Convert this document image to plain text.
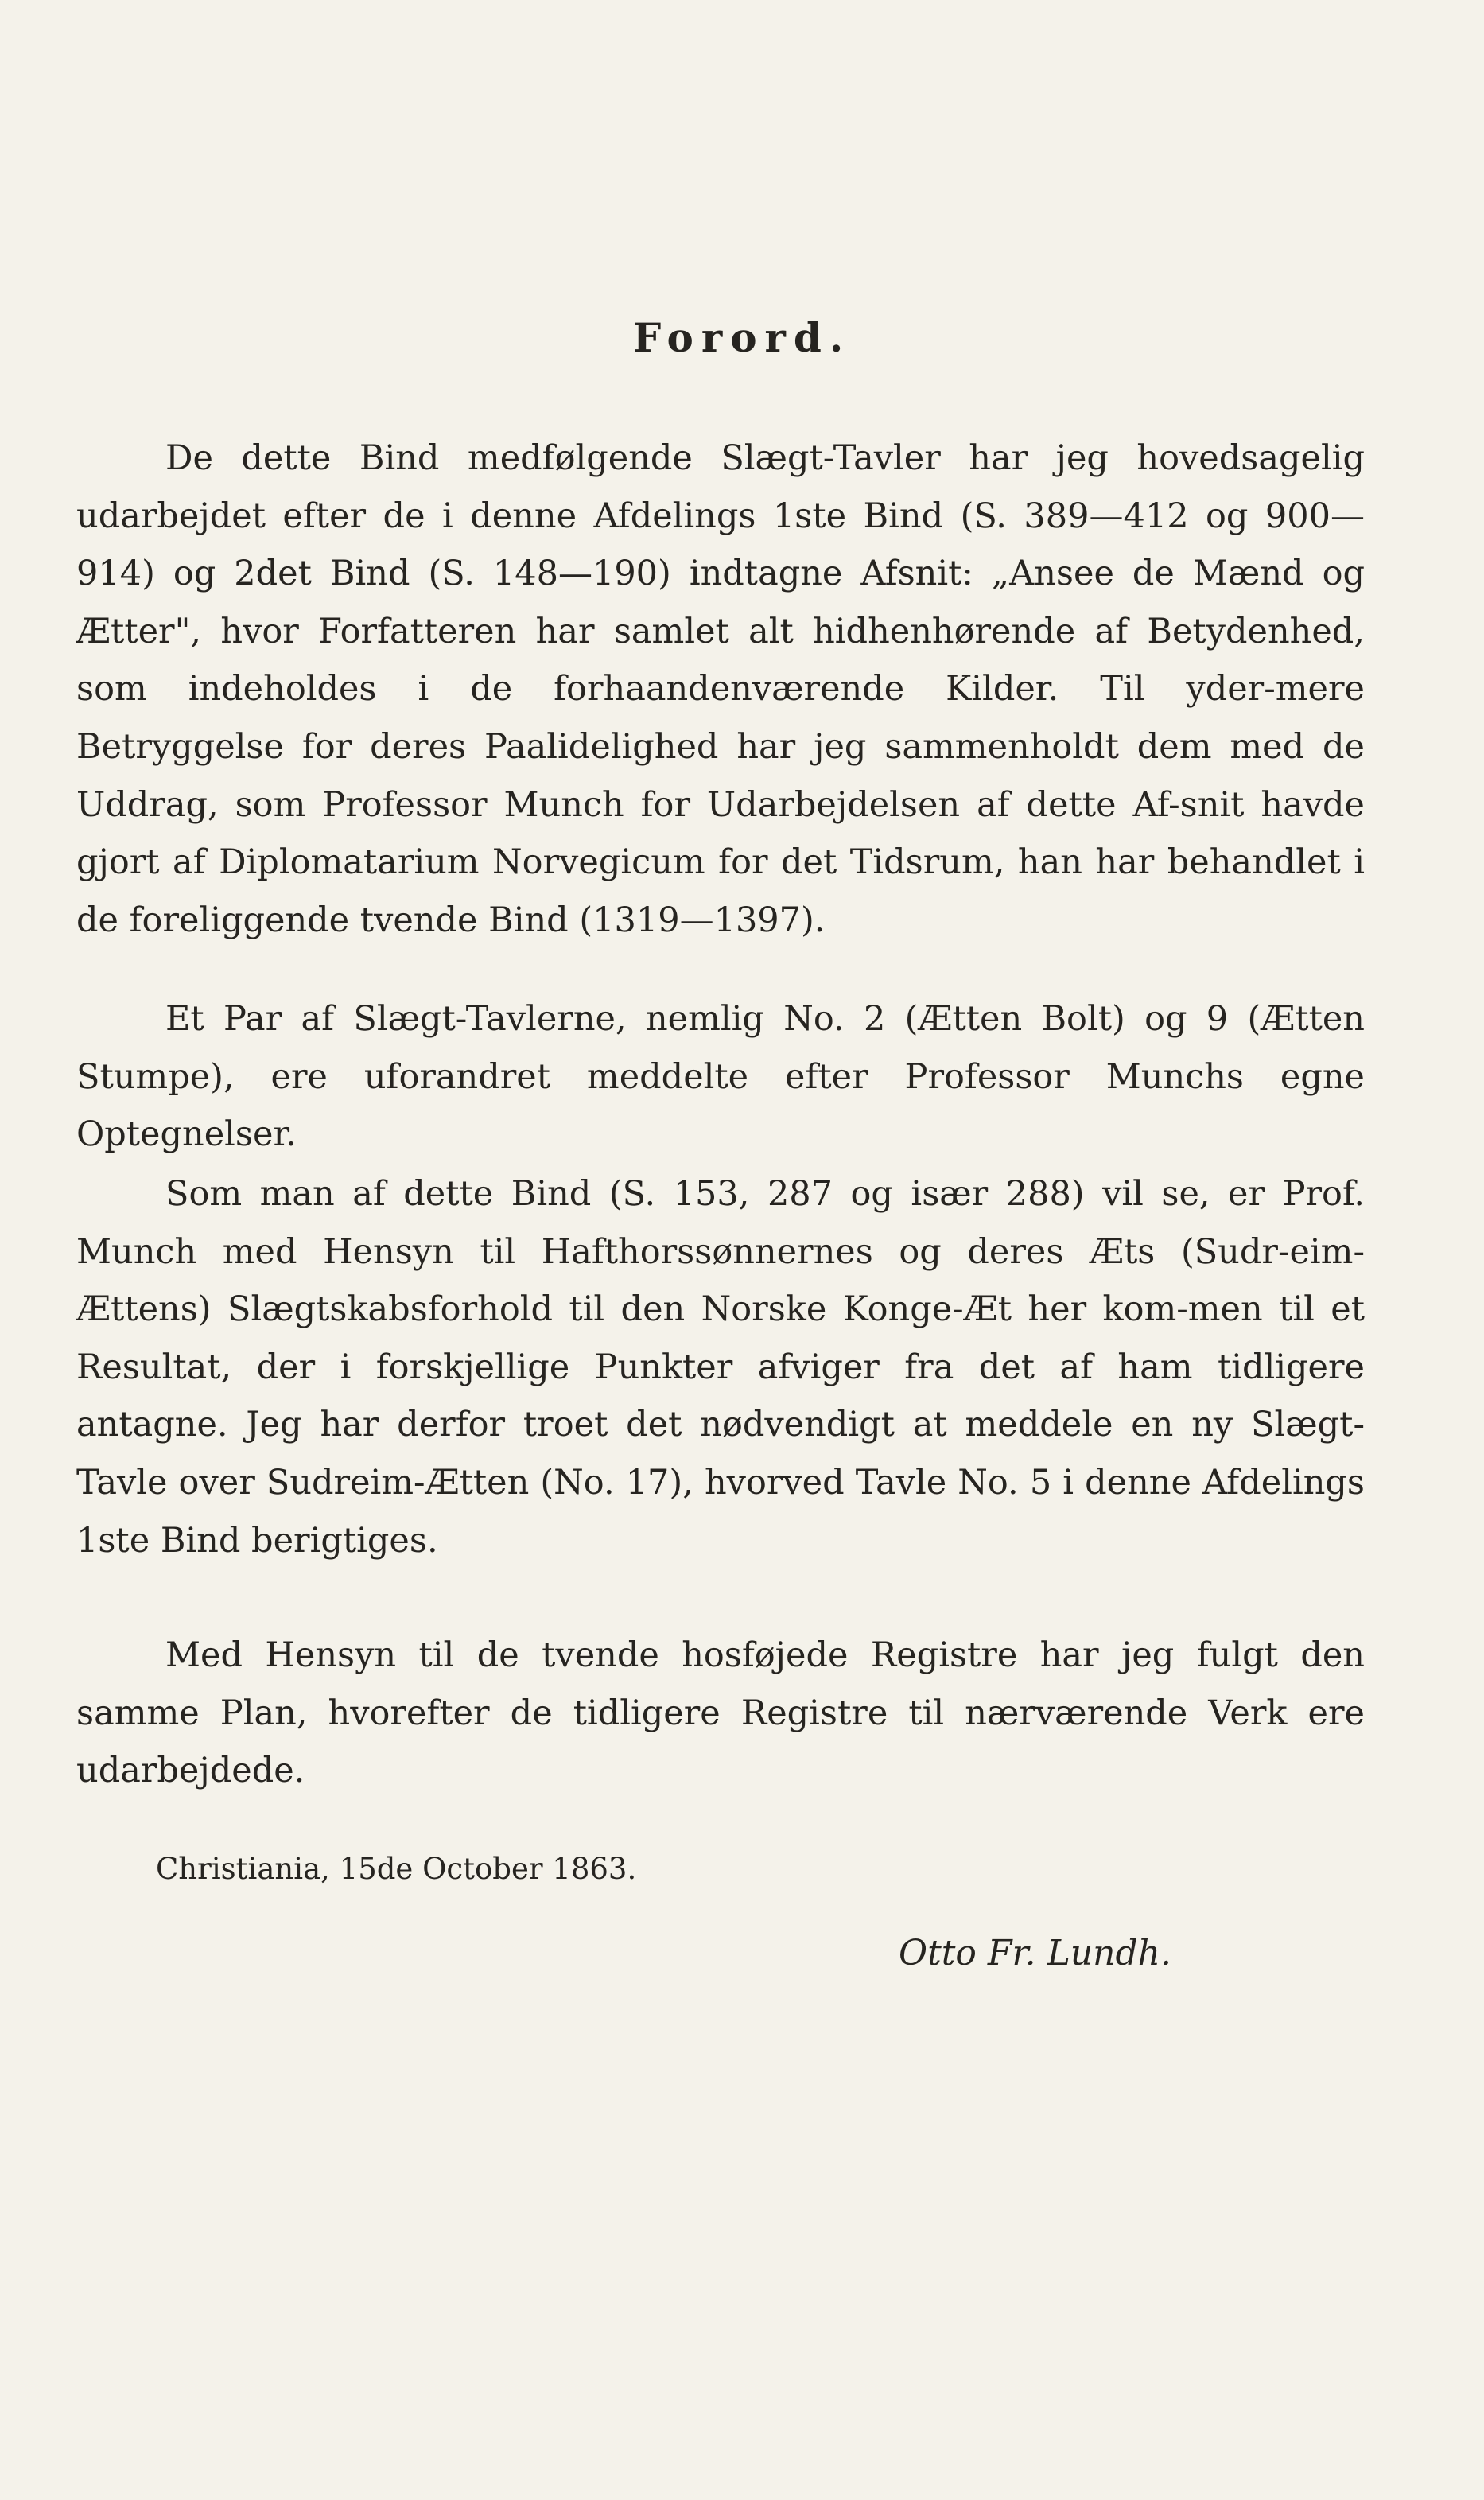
Forord.
De dette Bind medfølgende Slægt-Tavler har jeg hovedsagelig udarbejdet efter de i denne Afdelings 1ste Bind (S. 389—412 og 900—914) og 2det Bind (S. 148—190) indtagne Afsnit: „Ansee de Mænd og Ætter", hvor Forfatteren har samlet alt hidhenhørende af Betydenhed, som indeholdes i de forhaandenværende Kilder. Til yder-mere Betryggelse for deres Paalidelighed har jeg sammenholdt dem med de Uddrag, som Professor Munch for Udarbejdelsen af dette Af-snit havde gjort af Diplomatarium Norvegicum for det Tidsrum, han har behandlet i de foreliggende tvende Bind (1319—1397).
Et Par af Slægt-Tavlerne, nemlig No. 2 (Ætten Bolt) og 9 (Ætten Stumpe), ere uforandret meddelte efter Professor Munchs egne Optegnelser.
Som man af dette Bind (S. 153, 287 og især 288) vil se, er Prof. Munch med Hensyn til Hafthorssønnernes og deres Æts (Sudr-eim-Ættens) Slægtskabsforhold til den Norske Konge-Æt her kom-men til et Resultat, der i forskjellige Punkter afviger fra det af ham tidligere antagne. Jeg har derfor troet det nødvendigt at meddele en ny Slægt-Tavle over Sudreim-Ætten (No. 17), hvorved Tavle No. 5 i denne Afdelings 1ste Bind berigtiges.
Med Hensyn til de tvende hosføjede Registre har jeg fulgt den samme Plan, hvorefter de tidligere Registre til nærværende Verk ere udarbejdede.
Christiania, 15de October 1863.
Otto Fr. Lundh.
